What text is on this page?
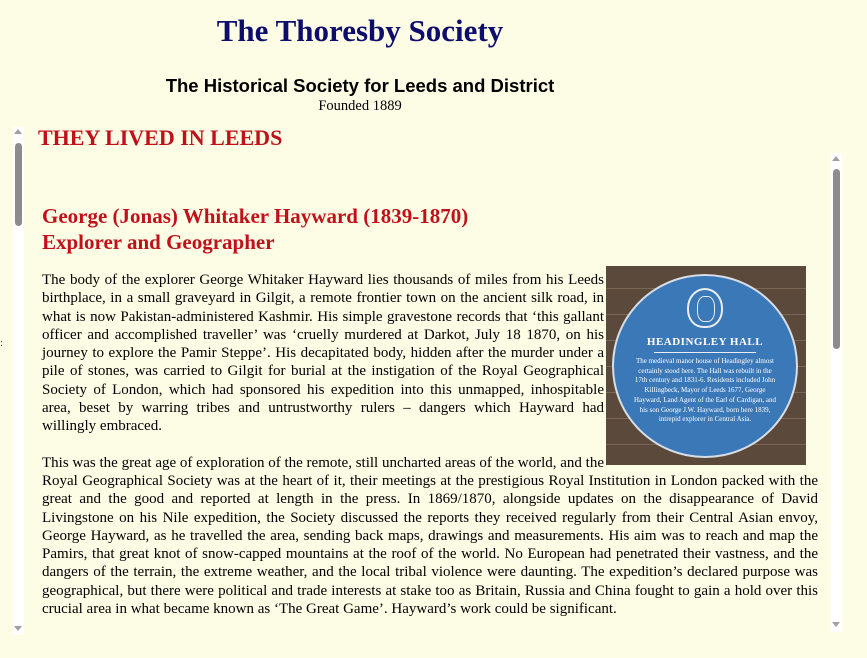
The Thoresby Society
The Historical Society for Leeds and District
Founded 1889
:
THEY LIVED IN LEEDS
George (Jonas) Whitaker Hayward (1839-1870)
Explorer and Geographer
HEADINGLEY HALL
The medieval manor house of Headingley almost certainly stood here. The Hall was rebuilt in the 17th century and 1831-6. Residents included John Killingbeck, Mayor of Leeds 1677, George Hayward, Land Agent of the Earl of Cardigan, and his son George J.W. Hayward, born here 1839, intrepid explorer in Central Asia.

The body of the explorer George Whitaker Hayward lies thousands of miles from his Leeds birthplace, in a small graveyard in Gilgit, a remote frontier town on the ancient silk road, in what is now Pakistan-administered Kashmir. His simple gravestone records that ‘this gallant officer and accomplished traveller’ was ‘cruelly murdered at Darkot, July 18 1870, on his journey to explore the Pamir Steppe’. His decapitated body, hidden after the murder under a pile of stones, was carried to Gilgit for burial at the instigation of the Royal Geographical Society of London, which had sponsored his expedition into this unmapped, inhospitable area, beset by warring tribes and untrustworthy rulers – dangers which Hayward had willingly embraced.

This was the great age of exploration of the remote, still uncharted areas of the world, and the Royal Geographical Society was at the heart of it, their meetings at the prestigious Royal Institution in London packed with the great and the good and reported at length in the press. In 1869/1870, alongside updates on the disappearance of David Livingstone on his Nile expedition, the Society discussed the reports they received regularly from their Central Asian envoy, George Hayward, as he travelled the area, sending back maps, drawings and measurements. His aim was to reach and map the Pamirs, that great knot of snow-capped mountains at the roof of the world. No European had penetrated their vastness, and the dangers of the terrain, the extreme weather, and the local tribal violence were daunting. The expedition’s declared purpose was geographical, but there were political and trade interests at stake too as Britain, Russia and China fought to gain a hold over this crucial area in what became known as ‘The Great Game’. Hayward’s work could be significant.
